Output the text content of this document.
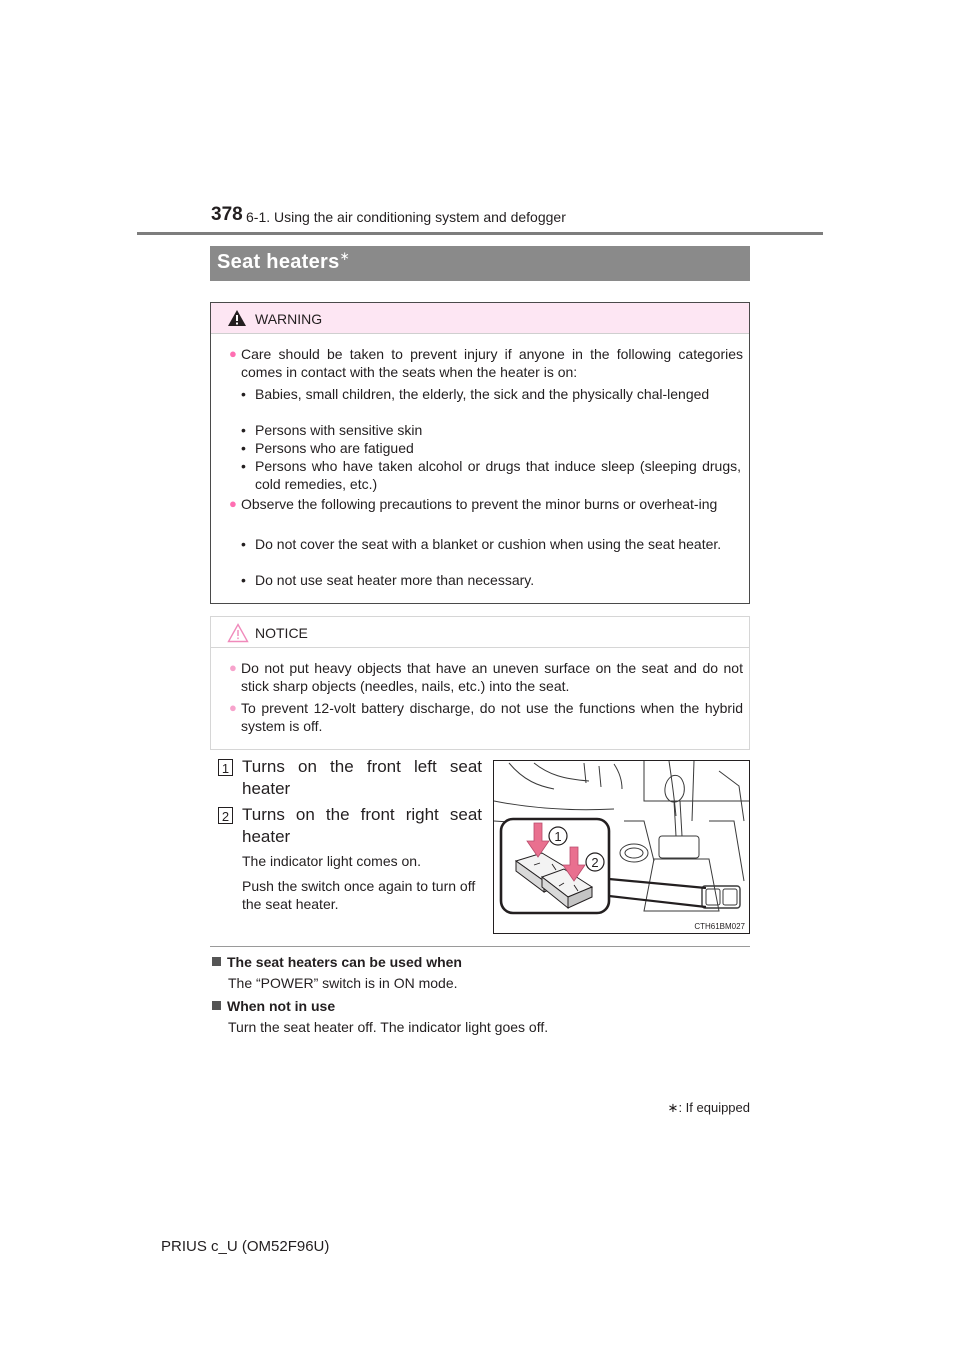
378 6-1. Using the air conditioning system and defogger
Seat heaters∗
WARNING
● Care should be taken to prevent injury if anyone in the following categories comes in contact with the seats when the heater is on:
• Babies, small children, the elderly, the sick and the physically chal-lenged
• Persons with sensitive skin
• Persons who are fatigued
• Persons who have taken alcohol or drugs that induce sleep (sleeping drugs, cold remedies, etc.)
● Observe the following precautions to prevent the minor burns or overheat-ing
• Do not cover the seat with a blanket or cushion when using the seat heater.
• Do not use seat heater more than necessary.
NOTICE
● Do not put heavy objects that have an uneven surface on the seat and do not stick sharp objects (needles, nails, etc.) into the seat.
● To prevent 12-volt battery discharge, do not use the functions when the hybrid system is off.
1 Turns on the front left seat heater
2 Turns on the front right seat heater
The indicator light comes on.
Push the switch once again to turn off the seat heater.
1
2
CTH61BM027
The seat heaters can be used when
The “POWER” switch is in ON mode.
When not in use
Turn the seat heater off. The indicator light goes off.
∗: If equipped
PRIUS c_U (OM52F96U)
